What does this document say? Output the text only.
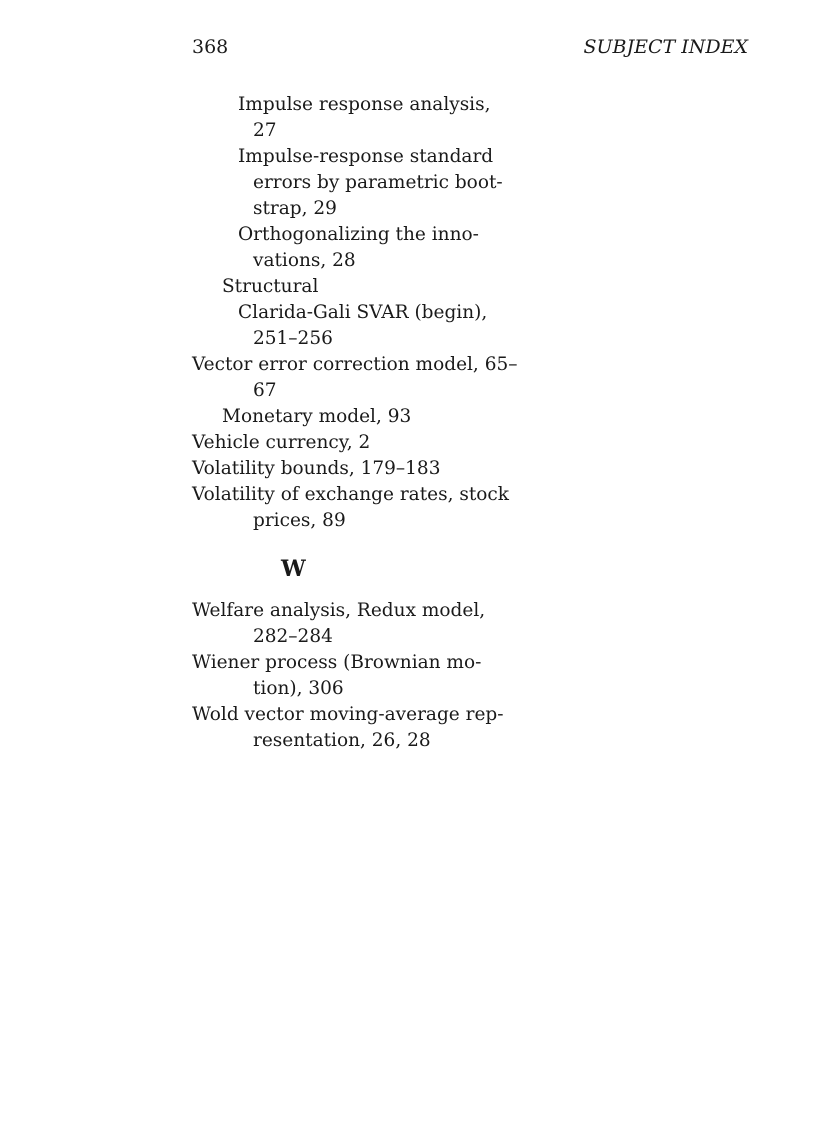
368	SUBJECT INDEX

Impulse response analysis,
27

Impulse-response standard
errors by parametric boot-
strap, 29

Orthogonalizing the inno-
vations, 28

Structural

Clarida-Gali SVAR (begin),
251–256

Vector error correction model, 65–
67

Monetary model, 93

Vehicle currency, 2

Volatility bounds, 179–183

Volatility of exchange rates, stock
prices, 89

W

Welfare analysis, Redux model,
282–284

Wiener process (Brownian mo-
tion), 306

Wold vector moving-average rep-
resentation, 26, 28
